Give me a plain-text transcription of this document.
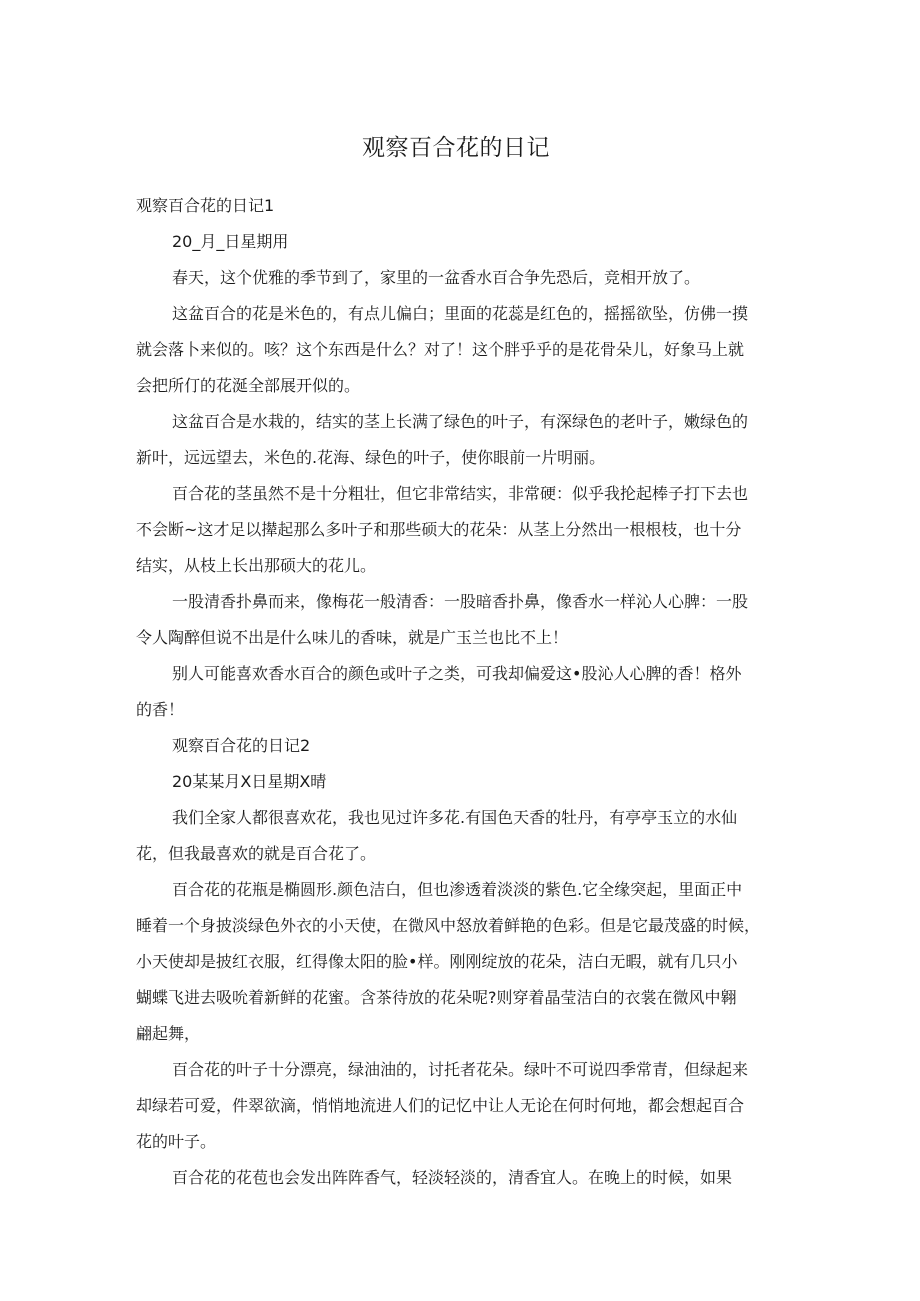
观察百合花的日记

观察百合花的日记1

20_月_日星期用

春天，这个优雅的季节到了，家里的一盆香水百合争先恐后，竞相开放了。

这盆百合的花是米色的，有点儿偏白；里面的花蕊是红色的，摇摇欲坠，仿佛一摸
就会落卜来似的。咳？这个东西是什么？对了！这个胖乎乎的是花骨朵儿，好象马上就
会把所仃的花涎全部展开似的。

这盆百合是水栽的，结实的茎上长满了绿色的叶子，有深绿色的老叶子，嫩绿色的
新叶，远远望去，米色的.花海、绿色的叶子，使你眼前一片明丽。

百合花的茎虽然不是十分粗壮，但它非常结实，非常硬：似乎我抡起棒子打下去也
不会断~这才足以撵起那么多叶子和那些硕大的花朵：从茎上分然出一根根枝，也十分
结实，从枝上长出那硕大的花儿。

一股清香扑鼻而来，像梅花一般清香：一股暗香扑鼻，像香水一样沁人心脾：一股
令人陶醉但说不出是什么味儿的香味，就是广玉兰也比不上！

别人可能喜欢香水百合的颜色或叶子之类，可我却偏爱这•股沁人心脾的香！格外
的香！

观察百合花的日记2

20某某月X日星期X晴

我们全家人都很喜欢花，我也见过许多花.有国色天香的牡丹，有亭亭玉立的水仙
花，但我最喜欢的就是百合花了。

百合花的花瓶是椭圆形.颜色洁白，但也渗透着淡淡的紫色.它全缘突起，里面正中
睡着一个身披淡绿色外衣的小天使，在微风中怒放着鲜艳的色彩。但是它最茂盛的时候，
小天使却是披红衣服，红得像太阳的脸•样。刚刚绽放的花朵，洁白无暇，就有几只小
蝴蝶飞进去吸吮着新鲜的花蜜。含茶待放的花朵呢?则穿着晶莹洁白的衣裳在微风中翱
翩起舞，

百合花的叶子十分漂亮，绿油油的，讨托者花朵。绿叶不可说四季常青，但绿起来
却绿若可爱，件翠欲滴，悄悄地流进人们的记忆中让人无论在何时何地，都会想起百合
花的叶子。

百合花的花苞也会发出阵阵香气，轻淡轻淡的，清香宜人。在晚上的时候，如果
